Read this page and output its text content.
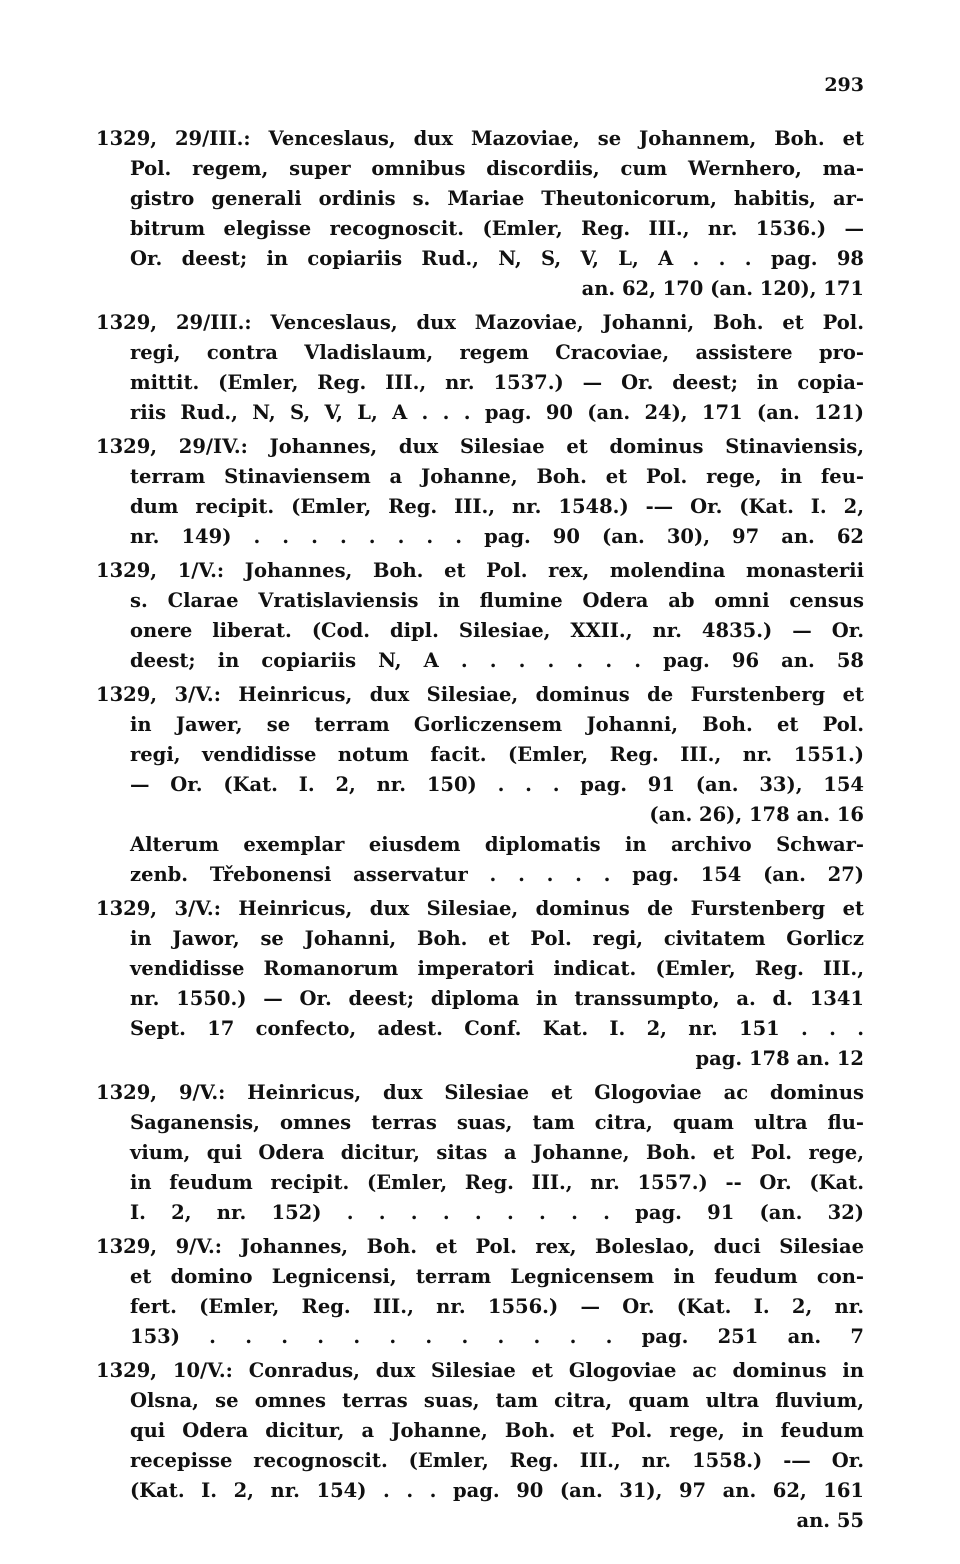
293
1329, 29/III.: Venceslaus, dux Mazoviae, se Johannem, Boh. et
Pol. regem, super omnibus discordiis, cum Wernhero, ma-
gistro generali ordinis s. Mariae Theutonicorum, habitis, ar-
bitrum elegisse recognoscit. (Emler, Reg. III., nr. 1536.) —
Or. deest; in copiariis Rud., N, S, V, L, A . . . pag. 98
an. 62, 170 (an. 120), 171
1329, 29/III.: Venceslaus, dux Mazoviae, Johanni, Boh. et Pol.
regi, contra Vladislaum, regem Cracoviae, assistere pro-
mittit. (Emler, Reg. III., nr. 1537.) — Or. deest; in copia-
riis Rud., N, S, V, L, A . . . pag. 90 (an. 24), 171 (an. 121)
1329, 29/IV.: Johannes, dux Silesiae et dominus Stinaviensis,
terram Stinaviensem a Johanne, Boh. et Pol. rege, in feu-
dum recipit. (Emler, Reg. III., nr. 1548.) -— Or. (Kat. I. 2,
nr. 149) . . . . . . . . pag. 90 (an. 30), 97 an. 62
1329, 1/V.: Johannes, Boh. et Pol. rex, molendina monasterii
s. Clarae Vratislaviensis in flumine Odera ab omni census
onere liberat. (Cod. dipl. Silesiae, XXII., nr. 4835.) — Or.
deest; in copiariis N, A . . . . . . . pag. 96 an. 58
1329, 3/V.: Heinricus, dux Silesiae, dominus de Furstenberg et
in Jawer, se terram Gorliczensem Johanni, Boh. et Pol.
regi, vendidisse notum facit. (Emler, Reg. III., nr. 1551.)
— Or. (Kat. I. 2, nr. 150) . . . pag. 91 (an. 33), 154
(an. 26), 178 an. 16
Alterum exemplar eiusdem diplomatis in archivo Schwar-
zenb. Třebonensi asservatur . . . . . pag. 154 (an. 27)
1329, 3/V.: Heinricus, dux Silesiae, dominus de Furstenberg et
in Jawor, se Johanni, Boh. et Pol. regi, civitatem Gorlicz
vendidisse Romanorum imperatori indicat. (Emler, Reg. III.,
nr. 1550.) — Or. deest; diploma in transsumpto, a. d. 1341
Sept. 17 confecto, adest. Conf. Kat. I. 2, nr. 151 . . .
pag. 178 an. 12
1329, 9/V.: Heinricus, dux Silesiae et Glogoviae ac dominus
Saganensis, omnes terras suas, tam citra, quam ultra flu-
vium, qui Odera dicitur, sitas a Johanne, Boh. et Pol. rege,
in feudum recipit. (Emler, Reg. III., nr. 1557.) -- Or. (Kat.
I. 2, nr. 152) . . . . . . . . . pag. 91 (an. 32)
1329, 9/V.: Johannes, Boh. et Pol. rex, Boleslao, duci Silesiae
et domino Legnicensi, terram Legnicensem in feudum con-
fert. (Emler, Reg. III., nr. 1556.) — Or. (Kat. I. 2, nr.
153) . . . . . . . . . . . . pag. 251 an. 7
1329, 10/V.: Conradus, dux Silesiae et Glogoviae ac dominus in
Olsna, se omnes terras suas, tam citra, quam ultra fluvium,
qui Odera dicitur, a Johanne, Boh. et Pol. rege, in feudum
recepisse recognoscit. (Emler, Reg. III., nr. 1558.) -— Or.
(Kat. I. 2, nr. 154) . . . pag. 90 (an. 31), 97 an. 62, 161
an. 55
